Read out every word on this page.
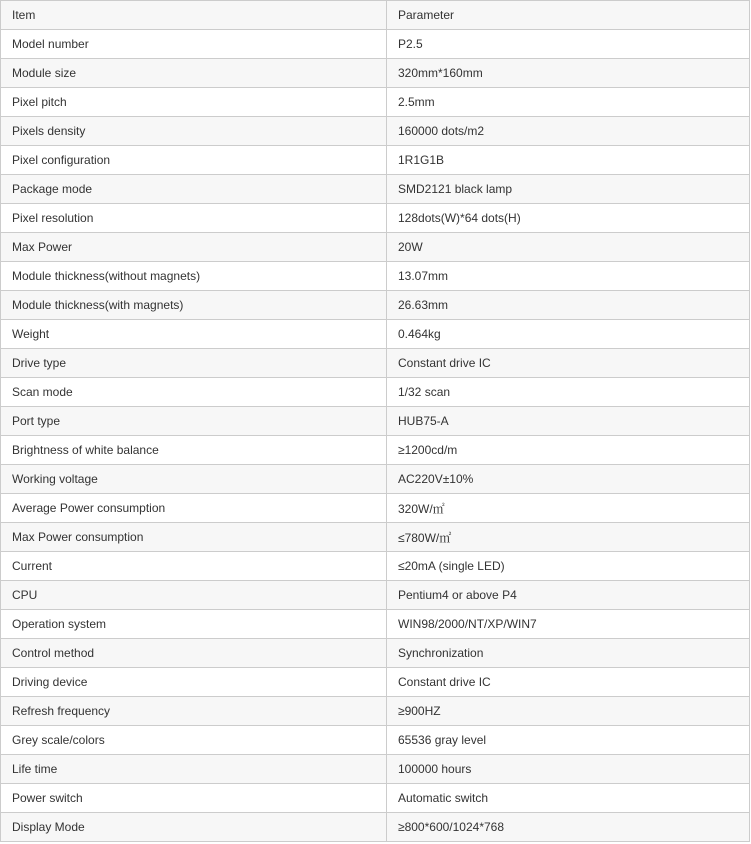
Item	Parameter
Model number	P2.5
Module size	320mm*160mm
Pixel pitch	2.5mm
Pixels density	160000 dots/m2
Pixel configuration	1R1G1B
Package mode	SMD2121 black lamp
Pixel resolution	128dots(W)*64 dots(H)
Max Power	20W
Module thickness(without magnets)	13.07mm
Module thickness(with magnets)	26.63mm
Weight	0.464kg
Drive type	Constant drive IC
Scan mode	1/32 scan
Port type	HUB75-A
Brightness of white balance	≥1200cd/m
Working voltage	AC220V±10%
Average Power consumption	320W/㎡
Max Power consumption	≤780W/㎡
Current	≤20mA (single LED)
CPU	Pentium4 or above P4
Operation system	WIN98/2000/NT/XP/WIN7
Control method	Synchronization
Driving device	Constant drive IC
Refresh frequency	≥900HZ
Grey scale/colors	65536 gray level
Life time	100000 hours
Power switch	Automatic switch
Display Mode	≥800*600/1024*768
